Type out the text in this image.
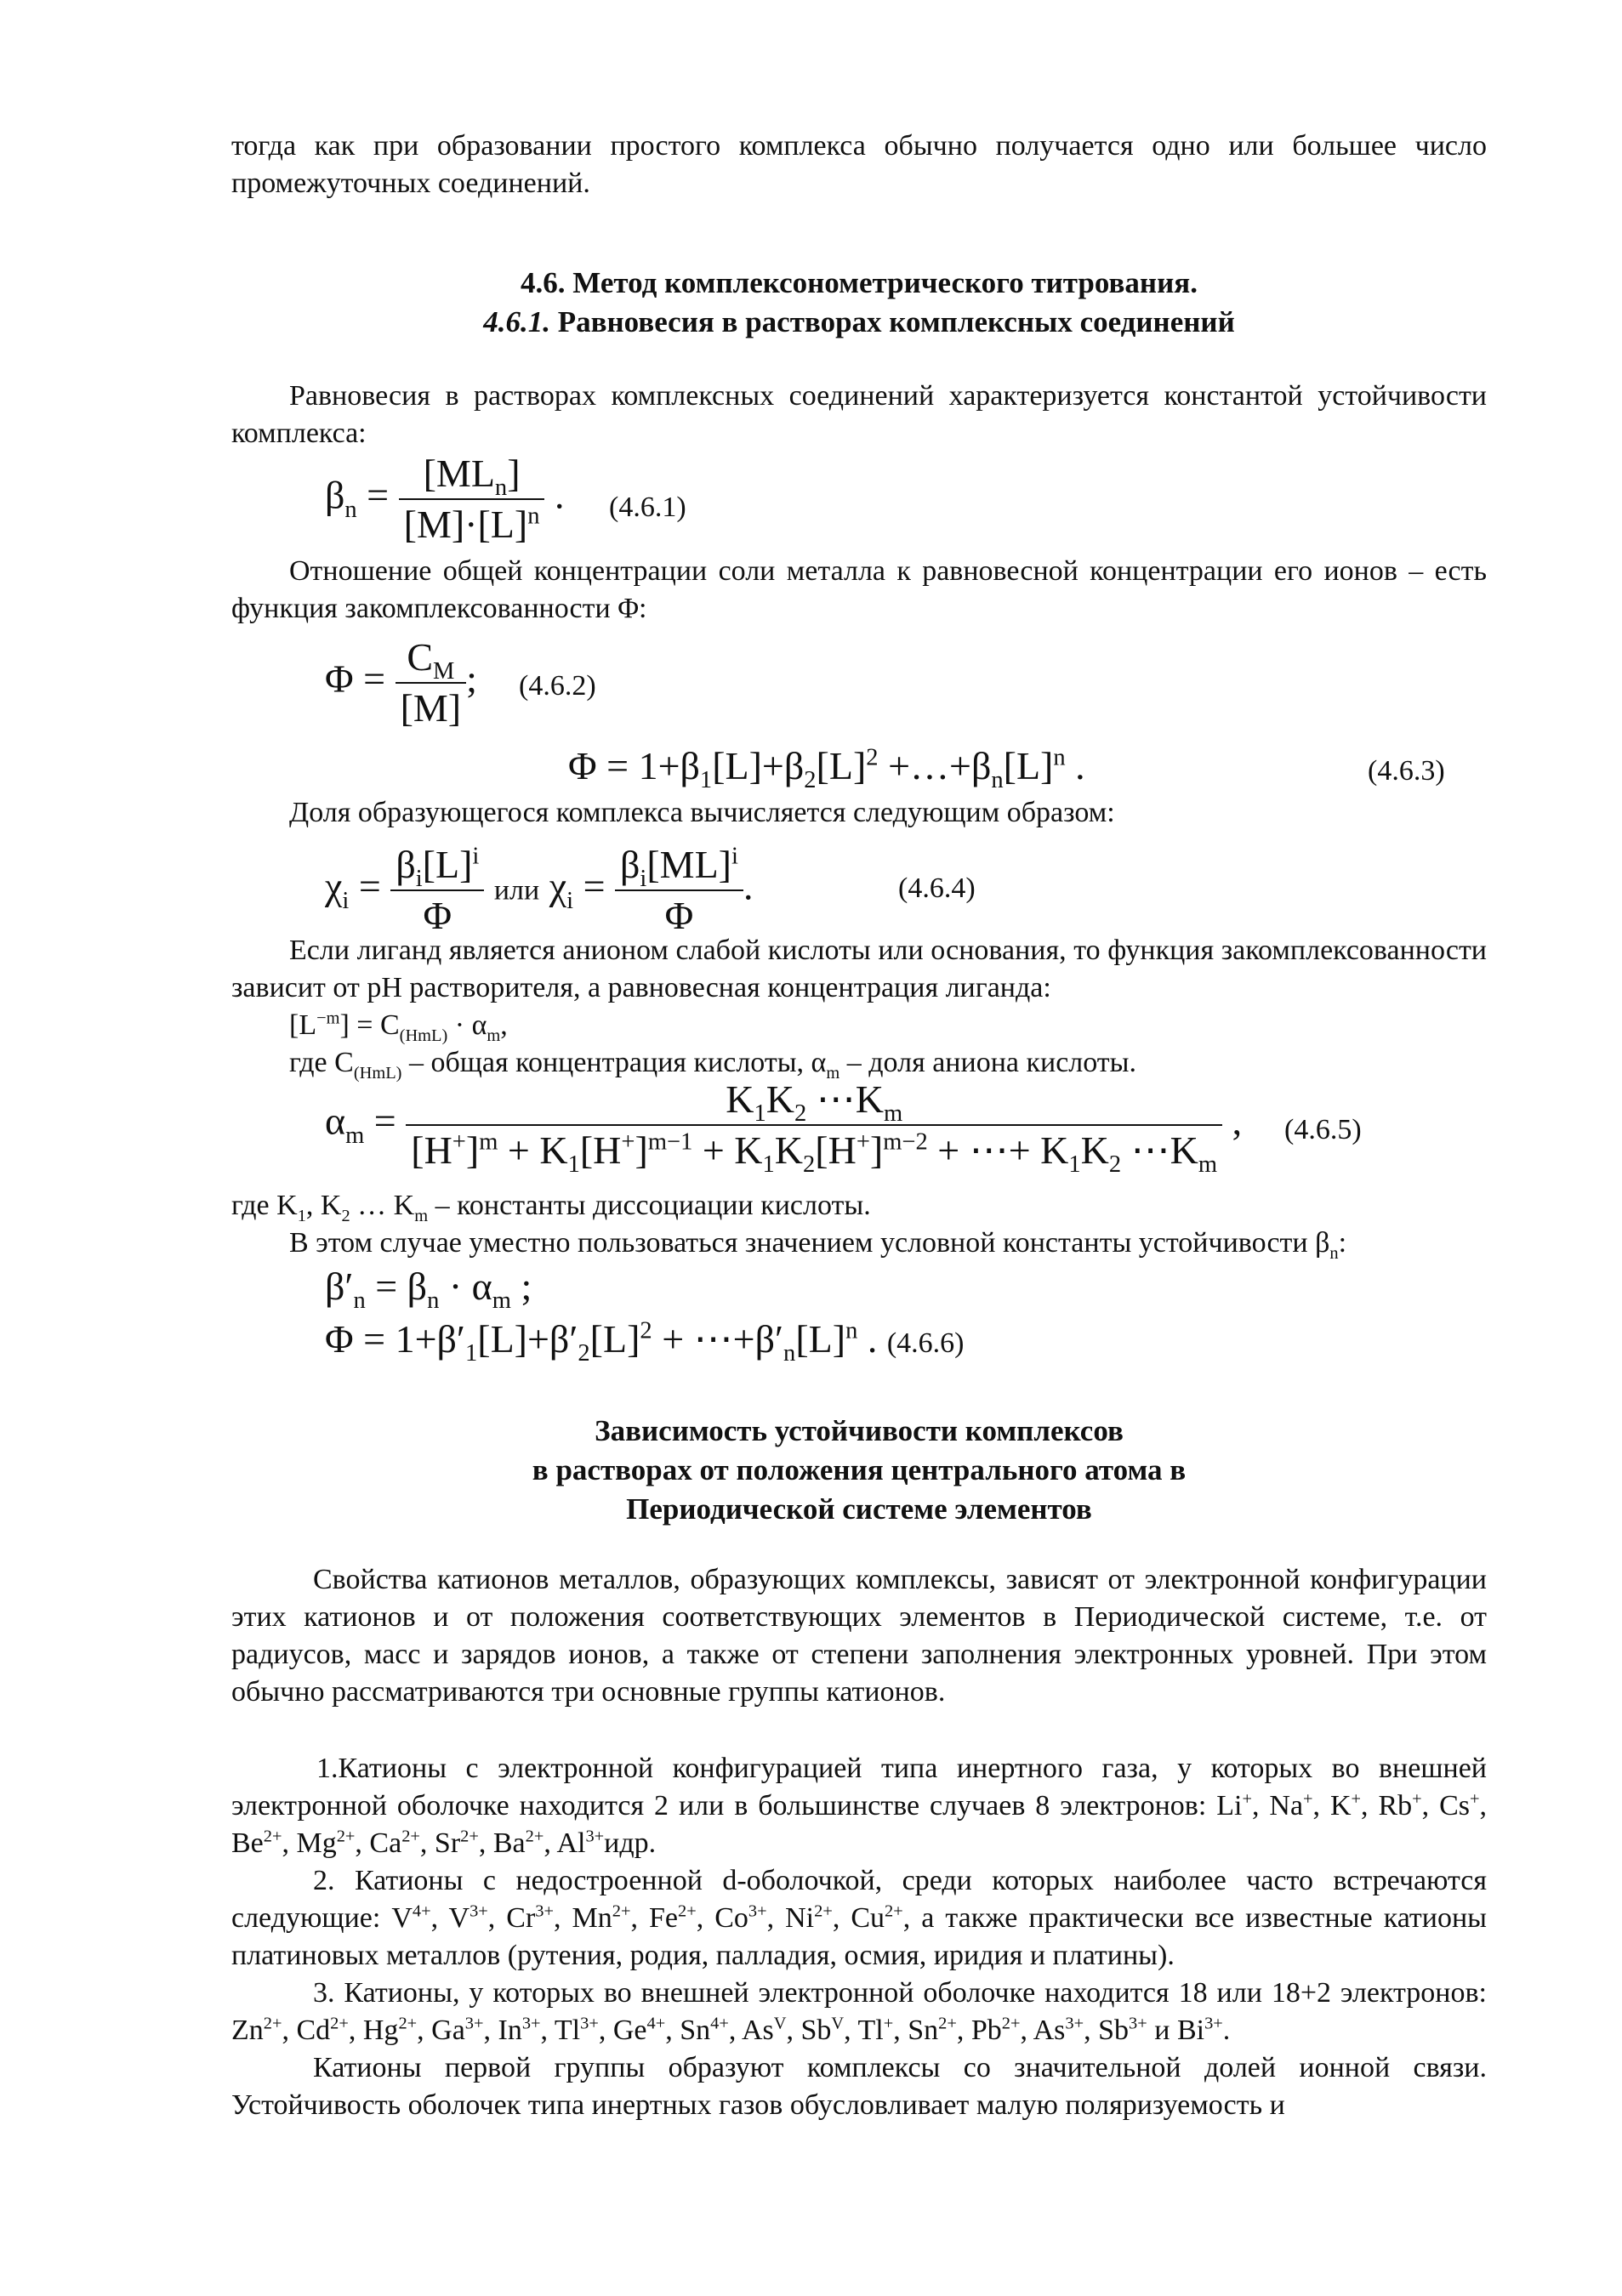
тогда как при образовании простого комплекса обычно получается одно или большее число промежуточных соединений.
4.6. Метод комплексонометрического титрования.
4.6.1. Равновесия в растворах комплексных соединений
Равновесия в растворах комплексных соединений характеризуется константой устойчивости комплекса:
$\beta_n = \frac{[ML_n]}{[M]\cdot[L]^n}$ . (4.6.1)
Отношение общей концентрации соли металла к равновесной концентрации его ионов – есть функция закомплексованности Φ:
$\Phi = \frac{C_M}{[M]}$ ; (4.6.2)
$\Phi = 1+\beta_1[L]+\beta_2[L]^2$ $+\dots+\beta_n[L]^n$ .	(4.6.3)
Доля образующегося комплекса вычисляется следующим образом:
$\chi_i = \frac{\beta_i[L]^i}{\Phi}$ или $\chi_i = \frac{\beta_i[ML]^i}{\Phi}$ .	(4.6.4)
Если лиганд является анионом слабой кислоты или основания, то функция закомплексованности зависит от pH растворителя, а равновесная концентрация лиганда:
$[L^{-m}] = C_{(HmL)} \cdot \alpha_m$,
где $C_{(HmL)}$ – общая концентрация кислоты, $\alpha_m$ – доля аниона кислоты.
$\alpha_m = \frac{K_1K_2 \cdots K_m}{[H^+]^m + K_1[H^+]^{m-1} + K_1K_2[H^+]^{m-2} + \cdots+ K_1K_2 \cdots K_m}$ , (4.6.5)
где $K_1$, $K_2$ … $K_m$ – константы диссоциации кислоты.
В этом случае уместно пользоваться значением условной константы устойчивости $\beta_n$:
$\beta'_n = \beta_n \cdot \alpha_m$ ;
$\Phi = 1+\beta'_1[L]+\beta'_2[L]^2$ + $\cdots+\beta'_n[L]^n$ . (4.6.6)
Зависимость устойчивости комплексов
в растворах от положения центрального атома в
Периодической системе элементов
Свойства катионов металлов, образующих комплексы, зависят от электронной конфигурации этих катионов и от положения соответствующих элементов в Периодической системе, т.е. от радиусов, масс и зарядов ионов, а также от степени заполнения электронных уровней. При этом обычно рассматриваются три основные группы катионов.
1.Катионы с электронной конфигурацией типа инертного газа, у которых во внешней электронной оболочке находится 2 или в большинстве случаев 8 электронов: Li+, Na+, K+, Rb+, Cs+, $Be^{2+}$, $Mg^{2+}$, $Ca^{2+}$, $Sr^{2+}$, $Ba^{2+}$, $Al^{3+}идр$.
2. Катионы с недостроенной d-оболочкой, среди которых наиболее часто встречаются следующие: $V^{4+}$, $V^{3+}$, $Cr^{3+}$, $Mn^{2+}$, $Fe^{2+}$, $Co^{3+}$, $Ni^{2+}$, $Cu^{2+}$, а также практически все известные катионы платиновых металлов (рутения, родия, палладия, осмия, иридия и платины).
3. Катионы, у которых во внешней электронной оболочке находится 18 или 18+2 электронов: $Zn^{2+}$, $Cd^{2+}$, $Hg^{2+}$, $Ga^{3+}$, $In^{3+}$, $Tl^{3+}$, $Ge^{4+}$, $Sn^{4+}$, $As^V$, $Sb^V$, Tl+, $Sn^{2+}$, $Pb^{2+}$, $As^{3+}$, $Sb^{3+}$ и $Bi^{3+}$.
Катионы первой группы образуют комплексы со значительной долей ионной связи. Устойчивость оболочек типа инертных газов обусловливает малую поляризуемость и
